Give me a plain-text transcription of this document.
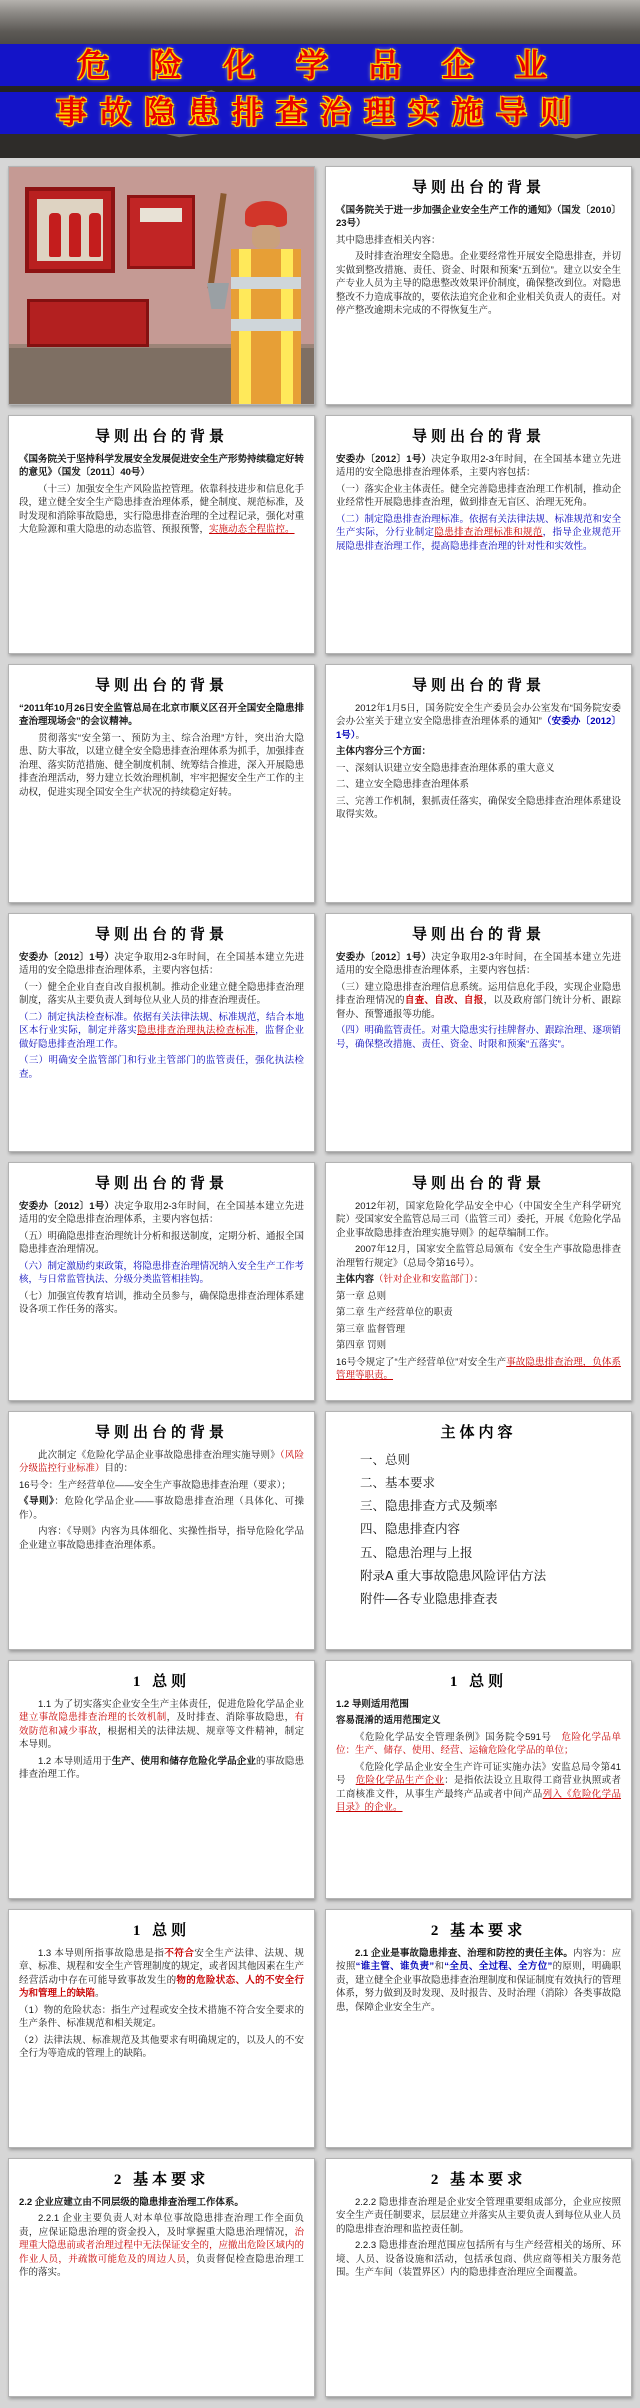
危 险 化 学 品 企 业
事故隐患排查治理实施导则
导则出台的背景

《国务院关于进一步加强企业安全生产工作的通知》（国发〔2010〕23号）

其中隐患排查相关内容：

及时排查治理安全隐患。企业要经常性开展安全隐患排查，并切实做到整改措施、责任、资金、时限和预案“五到位”。建立以安全生产专业人员为主导的隐患整改效果评价制度，确保整改到位。对隐患整改不力造成事故的，要依法追究企业和企业相关负责人的责任。对停产整改逾期未完成的不得恢复生产。

导则出台的背景

《国务院关于坚持科学发展安全发展促进安全生产形势持续稳定好转的意见》（国发〔2011〕40号）

（十三）加强安全生产风险监控管理。依靠科技进步和信息化手段，建立健全安全生产隐患排查治理体系，健全制度、规范标准，及时发现和消除事故隐患，实行隐患排查治理的全过程记录，强化对重大危险源和重大隐患的动态监管、预报预警，实施动态全程监控。

导则出台的背景

安委办〔2012〕1号）决定争取用2-3年时间，在全国基本建立先进适用的安全隐患排查治理体系，主要内容包括：

（一）落实企业主体责任。健全完善隐患排查治理工作机制，推动企业经常性开展隐患排查治理，做到排查无盲区、治理无死角。

（二）制定隐患排查治理标准。依据有关法律法规、标准规范和安全生产实际，分行业制定隐患排查治理标准和规范，指导企业规范开展隐患排查治理工作，提高隐患排查治理的针对性和实效性。

导则出台的背景

“2011年10月26日安全监管总局在北京市顺义区召开全国安全隐患排查治理现场会”的会议精神。

贯彻落实“安全第一、预防为主、综合治理”方针，突出治大隐患、防大事故，以建立健全安全隐患排查治理体系为抓手，加强排查治理、落实防范措施、健全制度机制、统筹结合推进，深入开展隐患排查治理活动，努力建立长效治理机制，牢牢把握安全生产工作的主动权，促进实现全国安全生产状况的持续稳定好转。

导则出台的背景

2012年1月5日，国务院安全生产委员会办公室发布“国务院安委会办公室关于建立安全隐患排查治理体系的通知”（安委办〔2012〕1号）。

主体内容分三个方面：

一、深刻认识建立安全隐患排查治理体系的重大意义

二、建立安全隐患排查治理体系

三、完善工作机制，狠抓责任落实，确保安全隐患排查治理体系建设取得实效。

导则出台的背景

安委办〔2012〕1号）决定争取用2-3年时间，在全国基本建立先进适用的安全隐患排查治理体系，主要内容包括：

（一）健全企业自查自改自报机制。推动企业建立健全隐患排查治理制度，落实从主要负责人到每位从业人员的排查治理责任。

（二）制定执法检查标准。依据有关法律法规、标准规范，结合本地区本行业实际，制定并落实隐患排查治理执法检查标准，监督企业做好隐患排查治理工作。

（三）明确安全监管部门和行业主管部门的监管责任，强化执法检查。

导则出台的背景

安委办〔2012〕1号）决定争取用2-3年时间，在全国基本建立先进适用的安全隐患排查治理体系，主要内容包括：

（三）建立隐患排查治理信息系统。运用信息化手段，实现企业隐患排查治理情况的自查、自改、自报，以及政府部门统计分析、跟踪督办、预警通报等功能。

（四）明确监管责任。对重大隐患实行挂牌督办、跟踪治理、逐项销号，确保整改措施、责任、资金、时限和预案“五落实”。

导则出台的背景

安委办〔2012〕1号）决定争取用2-3年时间，在全国基本建立先进适用的安全隐患排查治理体系，主要内容包括：

（五）明确隐患排查治理统计分析和报送制度，定期分析、通报全国隐患排查治理情况。

（六）制定激励约束政策，将隐患排查治理情况纳入安全生产工作考核，与日常监管执法、分级分类监管相挂钩。

（七）加强宣传教育培训，推动全员参与，确保隐患排查治理体系建设各项工作任务的落实。

导则出台的背景

2012年初，国家危险化学品安全中心（中国安全生产科学研究院）受国家安全监管总局三司（监管三司）委托，开展《危险化学品企业事故隐患排查治理实施导则》的起草编制工作。

2007年12月，国家安全监管总局颁布《安全生产事故隐患排查治理暂行规定》（总局令第16号）。

主体内容（针对企业和安监部门）：

第一章 总则

第二章 生产经营单位的职责

第三章 监督管理

第四章 罚则

16号令规定了“生产经营单位”对安全生产事故隐患排查治理，负体系管理等职责。

导则出台的背景

此次制定《危险化学品企业事故隐患排查治理实施导则》（风险分级监控行业标准）目的：

16号令：生产经营单位——安全生产事故隐患排查治理（要求）；

《导则》：危险化学品企业——事故隐患排查治理（具体化、可操作）。

内容：《导则》内容为具体细化、实操性指导，指导危险化学品企业建立事故隐患排查治理体系。

主体内容

一、总则

二、基本要求

三、隐患排查方式及频率

四、隐患排查内容

五、隐患治理与上报

附录A 重大事故隐患风险评估方法

附件—各专业隐患排查表

1 总则

1.1 为了切实落实企业安全生产主体责任，促进危险化学品企业建立事故隐患排查治理的长效机制，及时排查、消除事故隐患，有效防范和减少事故，根据相关的法律法规、规章等文件精神，制定本导则。

1.2 本导则适用于生产、使用和储存危险化学品企业的事故隐患排查治理工作。

1 总则

1.2 导则适用范围

容易混淆的适用范围定义

《危险化学品安全管理条例》国务院令591号　危险化学品单位：生产、储存、使用、经营、运输危险化学品的单位；

《危险化学品企业安全生产许可证实施办法》安监总局令第41号　危险化学品生产企业：是指依法设立且取得工商营业执照或者工商核准文件，从事生产最终产品或者中间产品列入《危险化学品目录》的企业。

1 总则

1.3 本导则所指事故隐患是指不符合安全生产法律、法规、规章、标准、规程和安全生产管理制度的规定，或者因其他因素在生产经营活动中存在可能导致事故发生的物的危险状态、人的不安全行为和管理上的缺陷。

（1）物的危险状态：指生产过程或安全技术措施不符合安全要求的生产条件、标准规范和相关规定。

（2）法律法规、标准规范及其他要求有明确规定的，以及人的不安全行为等造成的管理上的缺陷。

2 基本要求

2.1 企业是事故隐患排查、治理和防控的责任主体。内容为：应按照“谁主管、谁负责”和“全员、全过程、全方位”的原则，明确职责，建立健全企业事故隐患排查治理制度和保证制度有效执行的管理体系，努力做到及时发现、及时报告、及时治理（消除）各类事故隐患，保障企业安全生产。

2 基本要求

2.2 企业应建立由不同层级的隐患排查治理工作体系。

2.2.1 企业主要负责人对本单位事故隐患排查治理工作全面负责，应保证隐患治理的资金投入，及时掌握重大隐患治理情况，治理重大隐患前或者治理过程中无法保证安全的，应撤出危险区域内的作业人员，并疏散可能危及的周边人员，负责督促检查隐患治理工作的落实。

2 基本要求

2.2.2 隐患排查治理是企业安全管理重要组成部分，企业应按照安全生产责任制要求，层层建立并落实从主要负责人到每位从业人员的隐患排查治理和监控责任制。

2.2.3 隐患排查治理范围应包括所有与生产经营相关的场所、环境、人员、设备设施和活动，包括承包商、供应商等相关方服务范围。生产车间（装置界区）内的隐患排查治理应全面覆盖。
